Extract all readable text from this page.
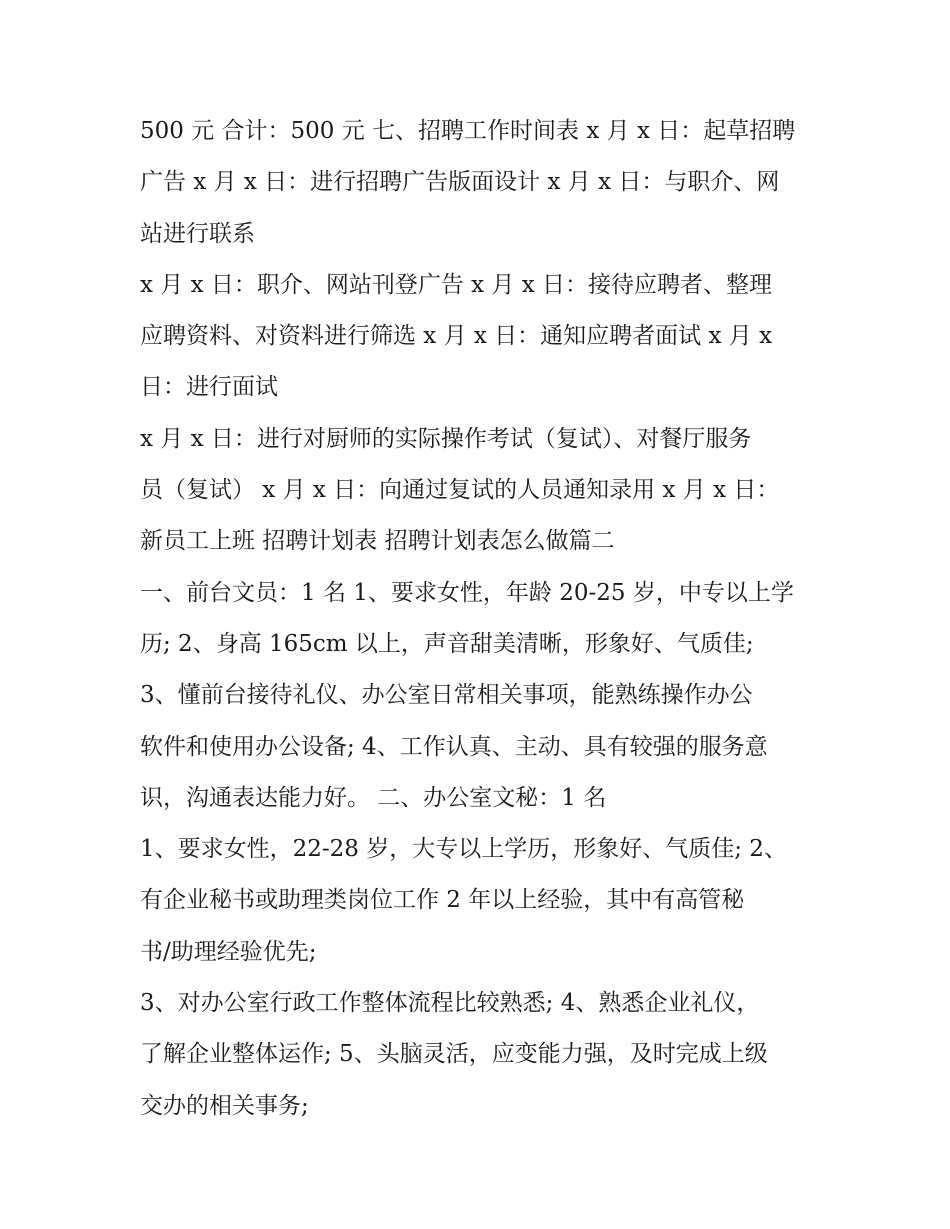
500 元 合计：500 元 七、招聘工作时间表 x 月 x 日：起草招聘
广告 x 月 x 日：进行招聘广告版面设计 x 月 x 日：与职介、网
站进行联系
x 月 x 日：职介、网站刊登广告 x 月 x 日：接待应聘者、整理
应聘资料、对资料进行筛选 x 月 x 日：通知应聘者面试 x 月 x
日：进行面试
x 月 x 日：进行对厨师的实际操作考试（复试）、对餐厅服务
员（复试） x 月 x 日：向通过复试的人员通知录用 x 月 x 日：
新员工上班 招聘计划表 招聘计划表怎么做篇二
一、前台文员：1 名 1、要求女性，年龄 20-25 岁，中专以上学
历; 2、身高 165cm 以上，声音甜美清晰，形象好、气质佳;
3、懂前台接待礼仪、办公室日常相关事项，能熟练操作办公
软件和使用办公设备; 4、工作认真、主动、具有较强的服务意
识，沟通表达能力好。 二、办公室文秘：1 名
1、要求女性，22-28 岁，大专以上学历，形象好、气质佳; 2、
有企业秘书或助理类岗位工作 2 年以上经验，其中有高管秘
书/助理经验优先;
3、对办公室行政工作整体流程比较熟悉; 4、熟悉企业礼仪，
了解企业整体运作; 5、头脑灵活，应变能力强，及时完成上级
交办的相关事务;
